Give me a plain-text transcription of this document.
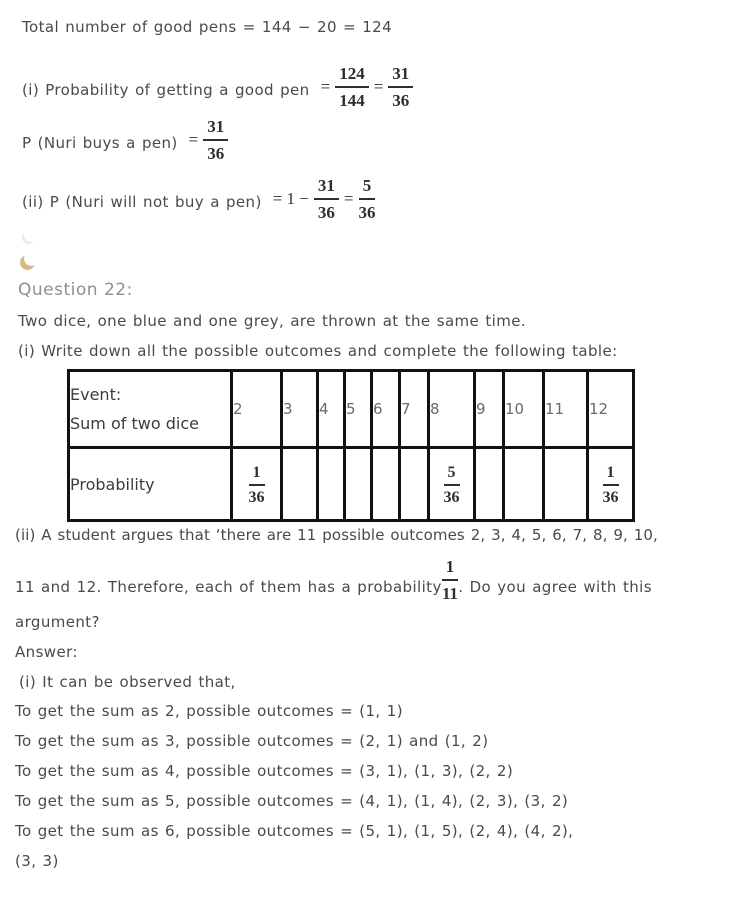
Total number of good pens = 144 − 20 = 124

(i) Probability of getting a good pen = $\frac{124}{144} = \frac{31}{36}$
P (Nuri buys a $pen) = \frac{31}{36}$
(ii) P (Nuri will not buy a $pen) = 1 - \frac{31}{36} = \frac{5}{36}$
Question 22:

Two dice, one blue and one grey, are thrown at the same time.

(i) Write down all the possible outcomes and complete the following table:

Event:
Sum of two dice	2	3	4	5	6	7	8	9	10	11	12
Probability	$\frac{1}{36}$						$\frac{5}{36}$				$\frac{1}{36}$

(ii) A student argues that ‘there are 11 possible outcomes 2, 3, 4, 5, 6, 7, 8, 9, 10,

11 and 12. Therefore, each of them has a probability $\frac{1}{11}$ . Do you agree with this

argument?

Answer:

(i) It can be observed that,

To get the sum as 2, possible outcomes = (1, 1)

To get the sum as 3, possible outcomes = (2, 1) and (1, 2)

To get the sum as 4, possible outcomes = (3, 1), (1, 3), (2, 2)

To get the sum as 5, possible outcomes = (4, 1), (1, 4), (2, 3), (3, 2)

To get the sum as 6, possible outcomes = (5, 1), (1, 5), (2, 4), (4, 2),

(3, 3)
